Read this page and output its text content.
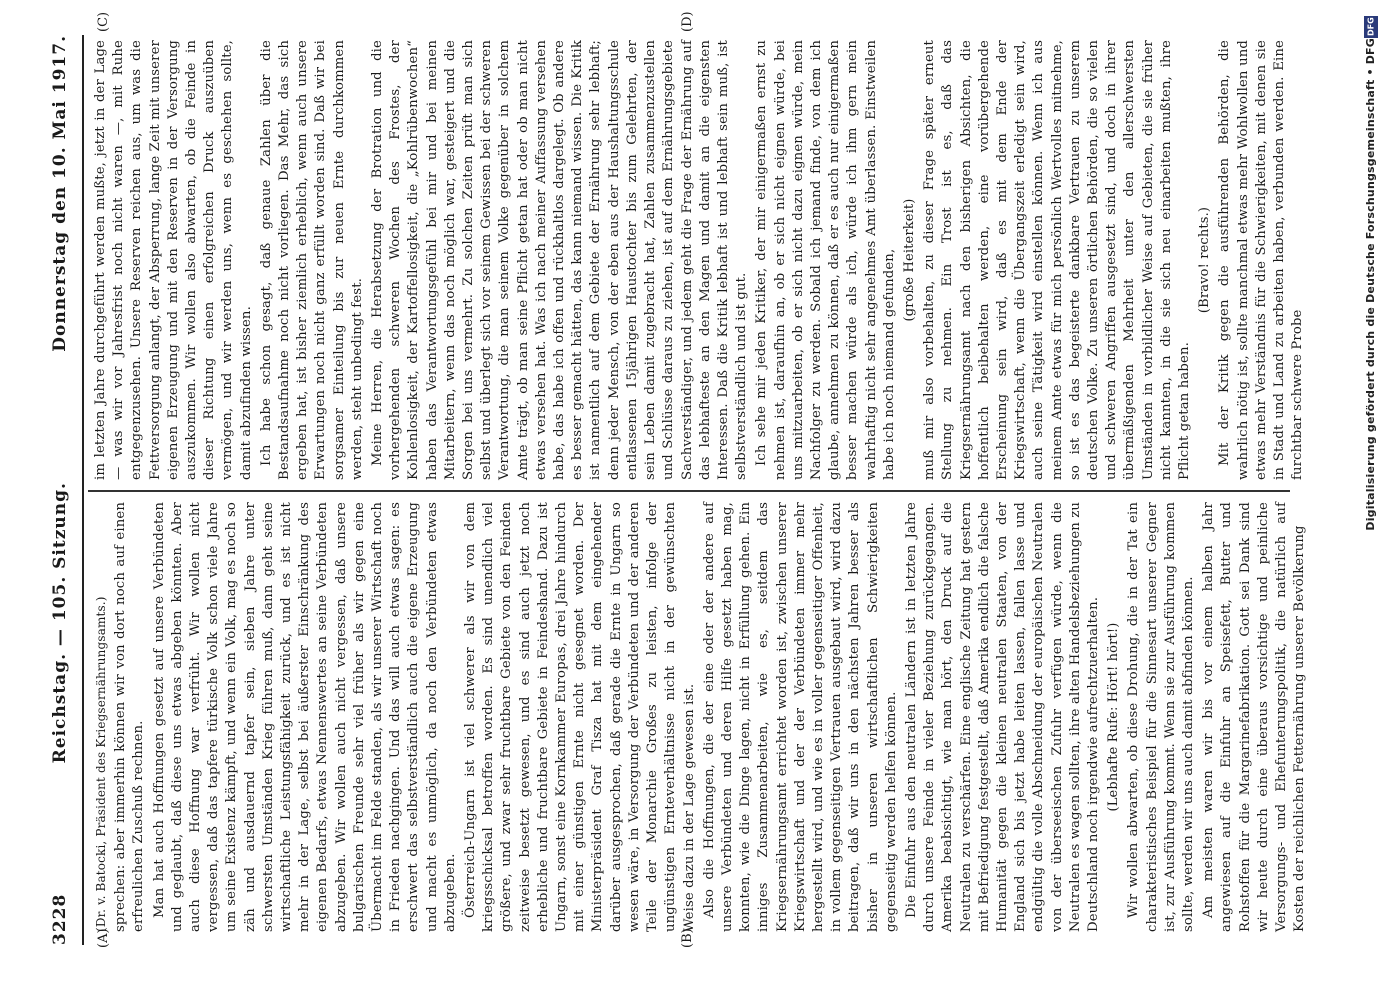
3228
Reichstag. — 105. Sitzung.
Donnerstag den 10. Mai 1917.
(A)	(B)
(C)	(D)

(Dr. v. Batocki, Präsident des Kriegsernährungsamts.) sprechen: aber immerhin können wir von dort noch auf einen erfreulichen Zuschuß rechnen. Man hat auch Hoffnungen gesetzt auf unsere Verbündeten und geglaubt, daß diese uns etwas abgeben könnten. Aber auch diese Hoffnung war verfrüht. Wir wollen nicht vergessen, daß das tapfere türkische Volk schon viele Jahre um seine Existenz kämpft, und wenn ein Volk, mag es noch so zäh und ausdauernd tapfer sein, sieben Jahre unter schwersten Umständen Krieg führen muß, dann geht seine wirtschaftliche Leistungsfähigkeit zurück, und es ist nicht mehr in der Lage, selbst bei äußerster Einschränkung des eigenen Bedarfs, etwas Nennenswertes an seine Verbündeten abzugeben. Wir wollen auch nicht vergessen, daß unsere bulgarischen Freunde sehr viel früher als wir gegen eine Übermacht im Felde standen, als wir unserer Wirtschaft noch in Frieden nachgingen. Und das will auch etwas sagen: es erschwert das selbstverständlich auch die eigene Erzeugung und macht es unmöglich, da noch den Verbündeten etwas abzugeben. Österreich-Ungarn ist viel schwerer als wir von dem kriegsschicksal betroffen worden. Es sind unendlich viel größere, und zwar sehr fruchtbare Gebiete von den Feinden zeitweise besetzt gewesen, und es sind auch jetzt noch erhebliche und fruchtbare Gebiete in Feindeshand. Dazu ist Ungarn, sonst eine Kornkammer Europas, drei Jahre hindurch mit einer günstigen Ernte nicht gesegnet worden. Der Ministerpräsident Graf Tisza hat mit dem eingehender darüber ausgesprochen, daß gerade die Ernte in Ungarn so wesen wäre, in Versorgung der Verbündeten und der anderen Teile der Monarchie Großes zu leisten, infolge der ungünstigen Ernteverhältnisse nicht in der gewünschten Weise dazu in der Lage gewesen ist. Also die Hoffnungen, die der eine oder der andere auf unsere Verbündeten und deren Hilfe gesetzt haben mag, konnten, wie die Dinge lagen, nicht in Erfüllung gehen. Ein inniges Zusammenarbeiten, wie es, seitdem das Kriegsernährungsamt errichtet worden ist, zwischen unserer Kriegswirtschaft und der der Verbündeten immer mehr hergestellt wird, und wie es in voller gegenseitiger Offenheit, in vollem gegenseitigen Vertrauen ausgebaut wird, wird dazu beitragen, daß wir uns in den nächsten Jahren besser als bisher in unseren wirtschaftlichen Schwierigkeiten gegenseitig werden helfen können. Die Einfuhr aus den neutralen Ländern ist in letzten Jahre durch unsere Feinde in vieler Beziehung zurückgegangen. Amerika beabsichtigt, wie man hört, den Druck auf die Neutralen zu verschärfen. Eine englische Zeitung hat gestern mit Befriedigung festgestellt, daß Amerika endlich die falsche Humanität gegen die kleinen neutralen Staaten, von der England sich bis jetzt habe leiten lassen, fallen lasse und endgültig die volle Abschneidung der europäischen Neutralen von der überseeischen Zufuhr verfügen würde, wenn die Neutralen es wagen sollten, ihre alten Handelsbeziehungen zu Deutschland noch irgendwie aufrechtzuerhalten. (Lebhafte Rufe: Hört! hört!) Wir wollen abwarten, ob diese Drohung, die in der Tat ein charakteristisches Beispiel für die Sinnesart unserer Gegner ist, zur Ausführung kommt. Wenn sie zur Ausführung kommen sollte, werden wir uns auch damit abfinden können. Am meisten waren wir bis vor einem halben Jahr angewiesen auf die Einfuhr an Speisefett, Butter und Rohstoffen für die Margarinefabrikation. Gott sei Dank sind wir heute durch eine überaus vorsichtige und peinliche Versorgungs- und Ehefunterungspolitik, die natürlich auf Kosten der reichlichen Fetternährung unserer Bevölkerung

im letzten Jahre durchgeführt werden mußte, jetzt in der Lage — was wir vor Jahresfrist noch nicht waren —, mit Ruhe entgegenzusehen. Unsere Reserven reichen aus, um was die Fettversorgung anlangt, der Absperrung, lange Zeit mit unserer eigenen Erzeugung und mit den Reserven in der Versorgung auszukommen. Wir wollen also abwarten, ob die Feinde in dieser Richtung einen erfolgreichen Druck auszuüben vermögen, und wir werden uns, wenn es geschehen sollte, damit abzufinden wissen. Ich habe schon gesagt, daß genaue Zahlen über die Bestandsaufnahme noch nicht vorliegen. Das Mehr, das sich ergeben hat, ist bisher ziemlich erheblich, wenn auch unsere Erwartungen noch nicht ganz erfüllt worden sind. Daß wir bei sorgsamer Einteilung bis zur neuen Ernte durchkommen werden, steht unbedingt fest. Meine Herren, die Herabsetzung der Brotration und die vorhergehenden schweren Wochen des Frostes, der Kohlenlosigkeit, der Kartoffellosigkeit, die „Kohlrübenwochen“ haben das Verantwortungsgefühl bei mir und bei meinen Mitarbeitern, wenn das noch möglich war, gesteigert und die Sorgen bei uns vermehrt. Zu solchen Zeiten prüft man sich selbst und überlegt sich vor seinem Gewissen bei der schweren Verantwortung, die man seinem Volke gegenüber in solchem Amte trägt, ob man seine Pflicht getan hat oder ob man nicht etwas versehen hat. Was ich nach meiner Auffassung versehen habe, das habe ich offen und rückhaltlos dargelegt. Ob andere es besser gemacht hätten, das kann niemand wissen. Die Kritik ist namentlich auf dem Gebiete der Ernährung sehr lebhaft; denn jeder Mensch, von der eben aus der Haushaltungsschule entlassenen 15jährigen Haustochter bis zum Gelehrten, der sein Leben damit zugebracht hat, Zahlen zusammenzustellen und Schlüsse daraus zu ziehen, ist auf dem Ernährungsgebiete Sachverständiger, und jedem geht die Frage der Ernährung auf das lebhafteste an den Magen und damit an die eigensten Interessen. Daß die Kritik lebhaft ist und lebhaft sein muß, ist selbstverständlich und ist gut. Ich sehe mir jeden Kritiker, der mir einigermaßen ernst zu nehmen ist, daraufhin an, ob er sich nicht eignen würde, bei uns mitzuarbeiten, ob er sich nicht dazu eignen würde, mein Nachfolger zu werden. Sobald ich jemand finde, von dem ich glaube, annehmen zu können, daß er es auch nur einigermaßen besser machen würde als ich, würde ich ihm gern mein wahrhaftig nicht sehr angenehmes Amt überlassen. Einstweilen habe ich noch niemand gefunden, (große Heiterkeit) muß mir also vorbehalten, zu dieser Frage später erneut Stellung zu nehmen. Ein Trost ist es, daß das Kriegsernährungsamt nach den bisherigen Absichten, die hoffentlich beibehalten werden, eine vorübergehende Erscheinung sein wird, daß es mit dem Ende der Kriegswirtschaft, wenn die Übergangszeit erledigt sein wird, auch seine Tätigkeit wird einstellen können. Wenn ich aus meinem Amte etwas für mich persönlich Wertvolles mitnehme, so ist es das begeisterte dankbare Vertrauen zu unserem deutschen Volke. Zu unseren örtlichen Behörden, die so vielen und schweren Angriffen ausgesetzt sind, und doch in ihrer übermäßigenden Mehrheit unter den allerschwersten Umständen in vorbildlicher Weise auf Gebieten, die sie früher nicht kannten, in die sie sich neu einarbeiten mußten, ihre Pflicht getan haben.

(Bravo! rechts.) Mit der Kritik gegen die ausführenden Behörden, die wahrlich nötig ist, sollte manchmal etwas mehr Wohlwollen und etwas mehr Verständnis für die Schwierigkeiten, mit denen sie in Stadt und Land zu arbeiten haben, verbunden werden. Eine furchtbar schwere Probe

DFG
Digitalisierung gefördert durch die Deutsche Forschungsgemeinschaft • DFG
